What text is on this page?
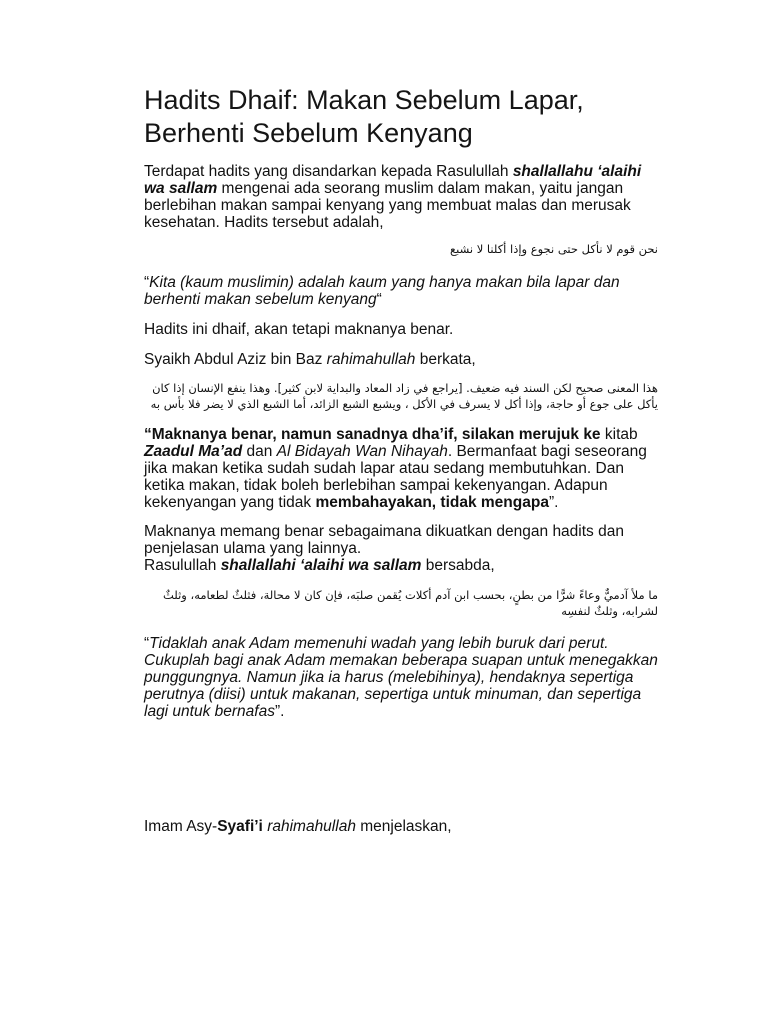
Hadits Dhaif: Makan Sebelum Lapar, Berhenti Sebelum Kenyang

Terdapat hadits yang disandarkan kepada Rasulullah shallallahu ‘alaihi wa sallam mengenai ada seorang muslim dalam makan, yaitu jangan berlebihan makan sampai kenyang yang membuat malas dan merusak kesehatan. Hadits tersebut adalah,

نحن قوم لا نأكل حتى نجوع وإذا أكلنا لا نشبع

“Kita (kaum muslimin) adalah kaum yang hanya makan bila lapar dan berhenti makan sebelum kenyang“

Hadits ini dhaif, akan tetapi maknanya benar.

Syaikh Abdul Aziz bin Baz rahimahullah berkata,

هذا المعنى صحيح لكن السند فيه ضعيف. [يراجع في زاد المعاد والبداية لابن كثير]. وهذا ينفع الإنسان إذا كان يأكل على جوع أو حاجة، وإذا أكل لا يسرف في الأكل ، ويشبع الشبع الزائد، أما الشبع الذي لا يضر فلا بأس به

“Maknanya benar, namun sanadnya dha’if, silakan merujuk ke kitab Zaadul Ma’ad dan Al Bidayah Wan Nihayah. Bermanfaat bagi seseorang jika makan ketika sudah sudah lapar atau sedang membutuhkan. Dan ketika makan, tidak boleh berlebihan sampai kekenyangan. Adapun kekenyangan yang tidak membahayakan, tidak mengapa”.

Maknanya memang benar sebagaimana dikuatkan dengan hadits dan penjelasan ulama yang lainnya.
Rasulullah shallallahi ‘alaihi wa sallam bersabda,

ما ملأ آدميٌّ وعاءً شرًّا من بطنٍ، بحسب ابن آدم أكلات يُقمن صلبَه، فإن كان لا محالة، فثلثٌ لطعامه، وثلثٌ لشرابه، وثلثٌ لنفسِه

“Tidaklah anak Adam memenuhi wadah yang lebih buruk dari perut. Cukuplah bagi anak Adam memakan beberapa suapan untuk menegakkan punggungnya. Namun jika ia harus (melebihinya), hendaknya sepertiga perutnya (diisi) untuk makanan, sepertiga untuk minuman, dan sepertiga lagi untuk bernafas”.

Imam Asy-Syafi’i rahimahullah menjelaskan,
